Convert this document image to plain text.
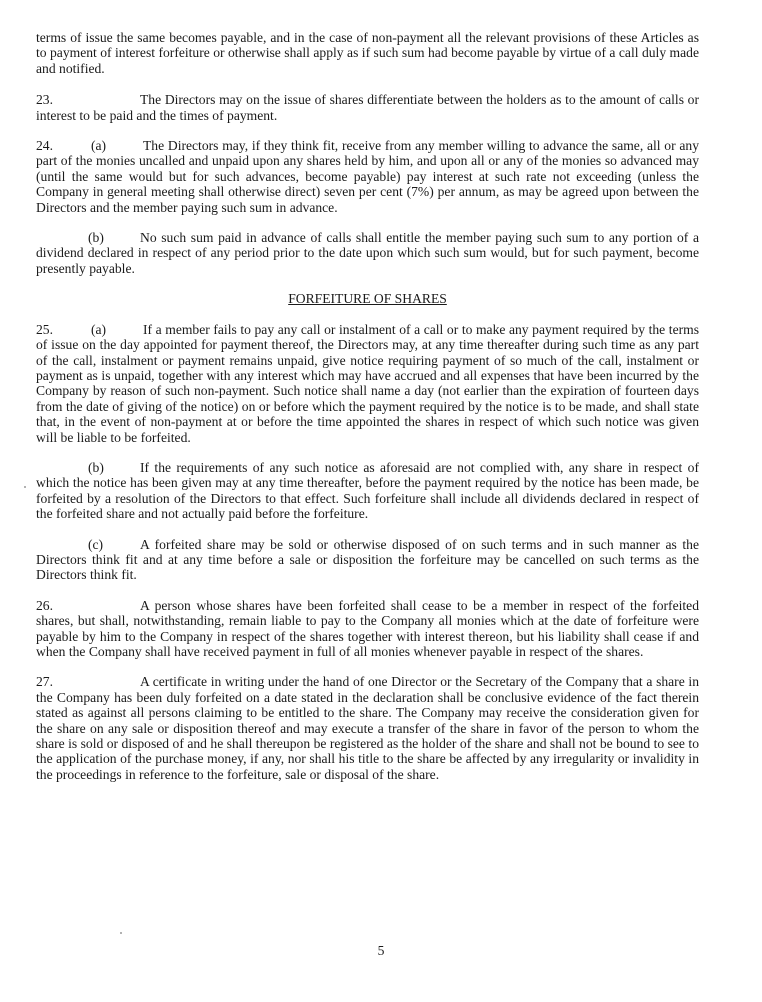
terms of issue the same becomes payable, and in the case of non-payment all the relevant provisions of these Articles as to payment of interest forfeiture or otherwise shall apply as if such sum had become payable by virtue of a call duly made and notified.

23.	The Directors may on the issue of shares differentiate between the holders as to the amount of calls or interest to be paid and the times of payment.

24.	(a)	The Directors may, if they think fit, receive from any member willing to advance the same, all or any part of the monies uncalled and unpaid upon any shares held by him, and upon all or any of the monies so advanced may (until the same would but for such advances, become payable) pay interest at such rate not exceeding (unless the Company in general meeting shall otherwise direct) seven per cent (7%) per annum, as may be agreed upon between the Directors and the member paying such sum in advance.

(b)	No such sum paid in advance of calls shall entitle the member paying such sum to any portion of a dividend declared in respect of any period prior to the date upon which such sum would, but for such payment, become presently payable.

FORFEITURE OF SHARES

25.	(a)	If a member fails to pay any call or instalment of a call or to make any payment required by the terms of issue on the day appointed for payment thereof, the Directors may, at any time thereafter during such time as any part of the call, instalment or payment remains unpaid, give notice requiring payment of so much of the call, instalment or payment as is unpaid, together with any interest which may have accrued and all expenses that have been incurred by the Company by reason of such non-payment. Such notice shall name a day (not earlier than the expiration of fourteen days from the date of giving of the notice) on or before which the payment required by the notice is to be made, and shall state that, in the event of non-payment at or before the time appointed the shares in respect of which such notice was given will be liable to be forfeited.

(b)	If the requirements of any such notice as aforesaid are not complied with, any share in respect of which the notice has been given may at any time thereafter, before the payment required by the notice has been made, be forfeited by a resolution of the Directors to that effect. Such forfeiture shall include all dividends declared in respect of the forfeited share and not actually paid before the forfeiture.

(c)	A forfeited share may be sold or otherwise disposed of on such terms and in such manner as the Directors think fit and at any time before a sale or disposition the forfeiture may be cancelled on such terms as the Directors think fit.

26.	A person whose shares have been forfeited shall cease to be a member in respect of the forfeited shares, but shall, notwithstanding, remain liable to pay to the Company all monies which at the date of forfeiture were payable by him to the Company in respect of the shares together with interest thereon, but his liability shall cease if and when the Company shall have received payment in full of all monies whenever payable in respect of the shares.

27.	A certificate in writing under the hand of one Director or the Secretary of the Company that a share in the Company has been duly forfeited on a date stated in the declaration shall be conclusive evidence of the fact therein stated as against all persons claiming to be entitled to the share. The Company may receive the consideration given for the share on any sale or disposition thereof and may execute a transfer of the share in favor of the person to whom the share is sold or disposed of and he shall thereupon be registered as the holder of the share and shall not be bound to see to the application of the purchase money, if any, nor shall his title to the share be affected by any irregularity or invalidity in the proceedings in reference to the forfeiture, sale or disposal of the share.

5
